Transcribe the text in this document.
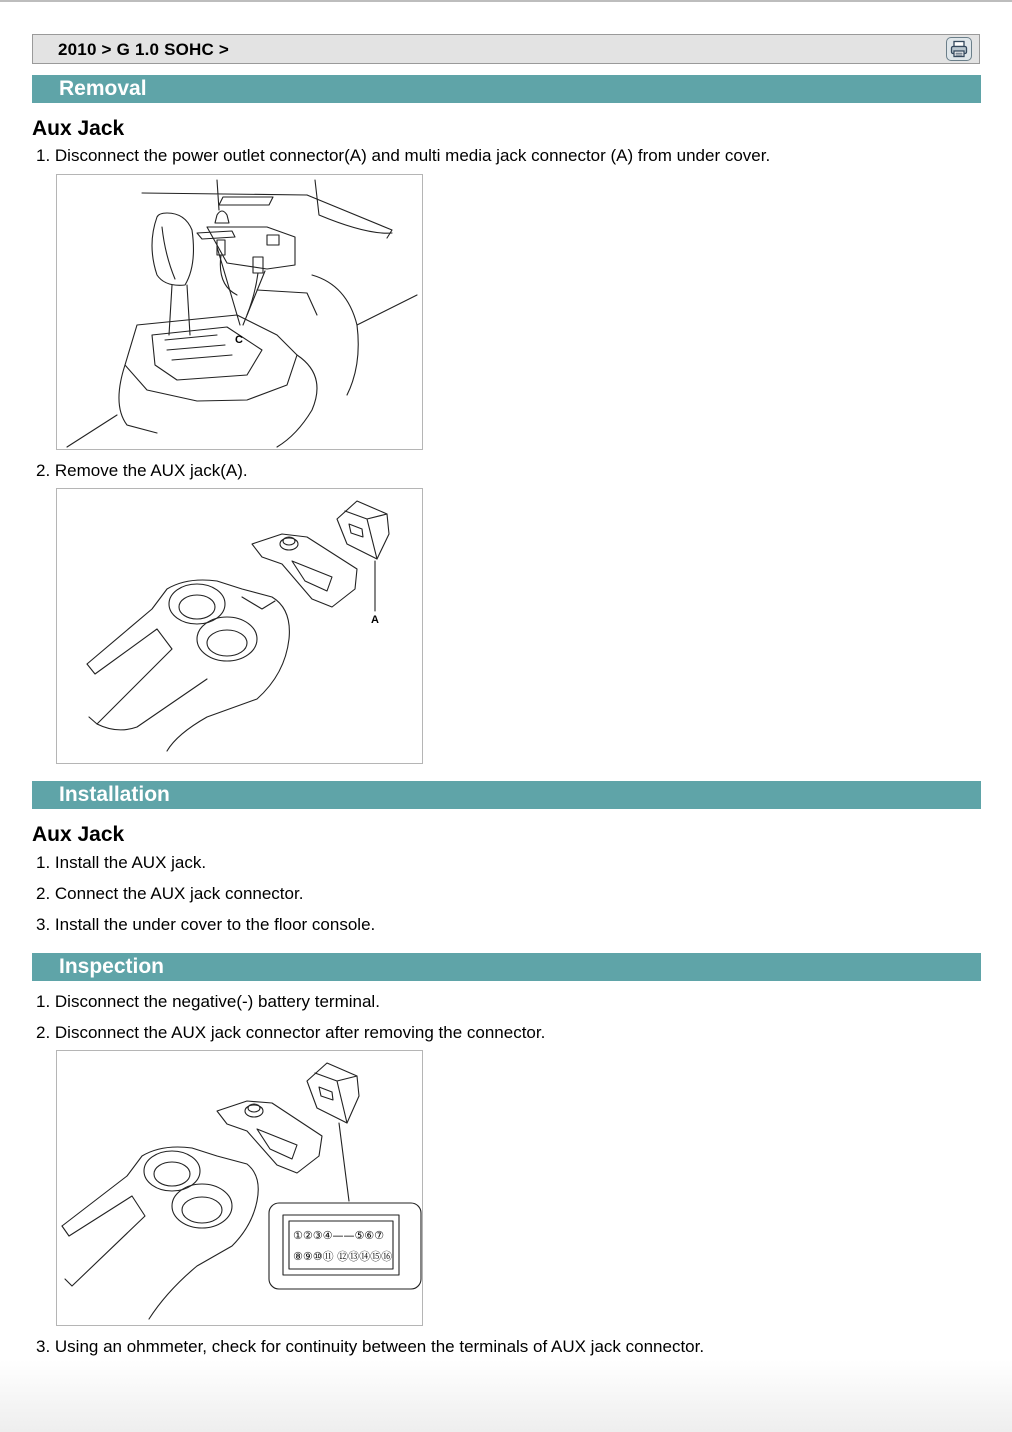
2010 > G 1.0 SOHC >
Removal
Aux Jack
1. Disconnect the power outlet connector(A) and multi media jack connector (A) from under cover.
C
2. Remove the AUX jack(A).
A
Installation
Aux Jack
1. Install the AUX jack.
2. Connect the AUX jack connector.
3. Install the under cover to the floor console.
Inspection
1. Disconnect the negative(-) battery terminal.
2. Disconnect the AUX jack connector after removing the connector.
①②③④——⑤⑥⑦
⑧⑨⑩⑪ ⑫⑬⑭⑮⑯
3. Using an ohmmeter, check for continuity between the terminals of AUX jack connector.
